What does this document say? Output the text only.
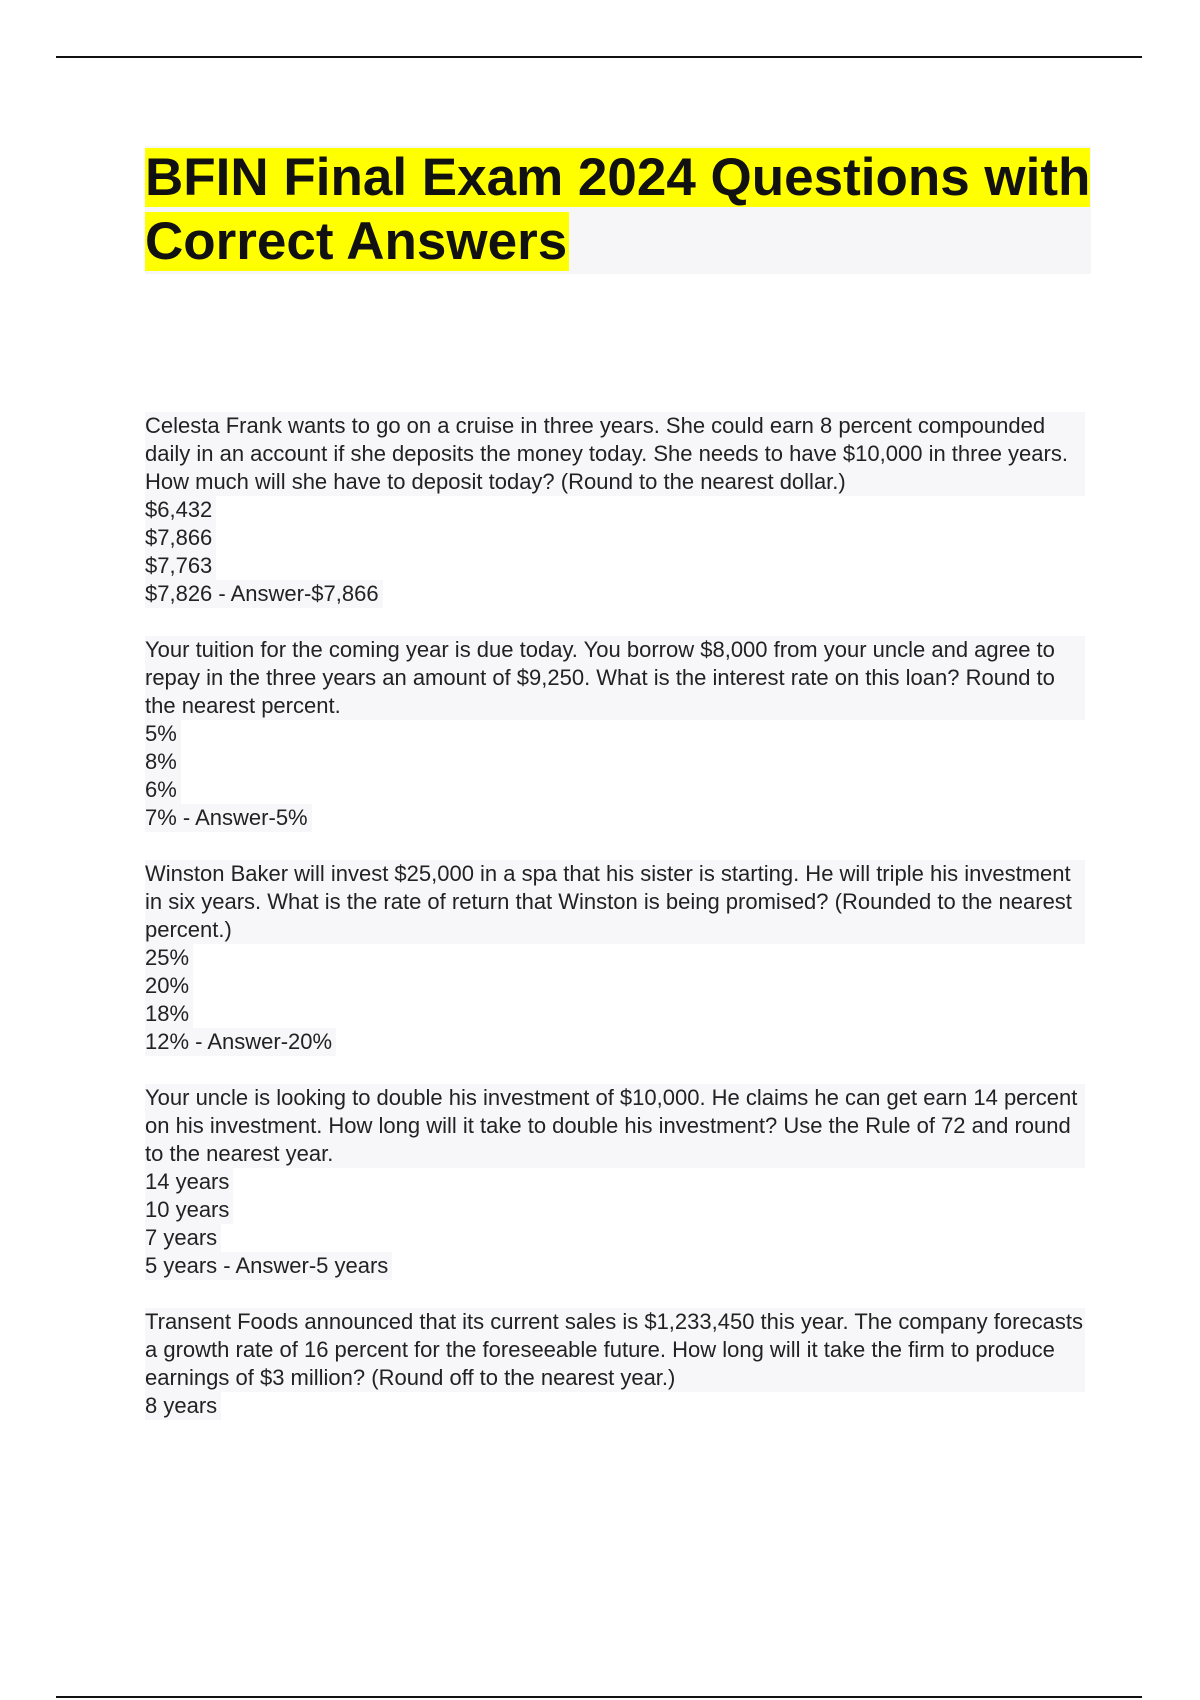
BFIN Final Exam 2024 Questions with Correct Answers
Celesta Frank wants to go on a cruise in three years. She could earn 8 percent compounded daily in an account if she deposits the money today. She needs to have $10,000 in three years. How much will she have to deposit today? (Round to the nearest dollar.)
$6,432
$7,866
$7,763
$7,826 - Answer-$7,866
Your tuition for the coming year is due today. You borrow $8,000 from your uncle and agree to repay in the three years an amount of $9,250. What is the interest rate on this loan? Round to the nearest percent.
5%
8%
6%
7% - Answer-5%
Winston Baker will invest $25,000 in a spa that his sister is starting. He will triple his investment in six years. What is the rate of return that Winston is being promised? (Rounded to the nearest percent.)
25%
20%
18%
12% - Answer-20%
Your uncle is looking to double his investment of $10,000. He claims he can get earn 14 percent on his investment. How long will it take to double his investment? Use the Rule of 72 and round to the nearest year.
14 years
10 years
7 years
5 years - Answer-5 years
Transent Foods announced that its current sales is $1,233,450 this year. The company forecasts a growth rate of 16 percent for the foreseeable future. How long will it take the firm to produce earnings of $3 million? (Round off to the nearest year.)
8 years
